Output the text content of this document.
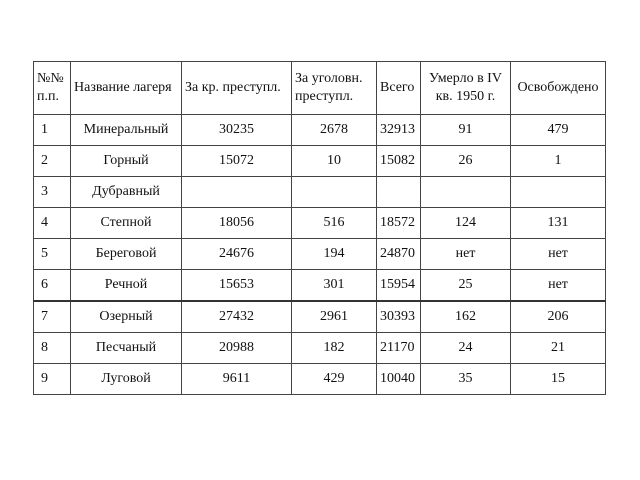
№№ п.п.	Название лагеря	За кр. преступл.	За уголовн. преступл.	Всего	Умерло в IV кв. 1950 г.	Освобождено
1	Минеральный	30235	2678	32913	91	479
2	Горный	15072	10	15082	26	1
3	Дубравный					
4	Степной	18056	516	18572	124	131
5	Береговой	24676	194	24870	нет	нет
6	Речной	15653	301	15954	25	нет
7	Озерный	27432	2961	30393	162	206
8	Песчаный	20988	182	21170	24	21
9	Луговой	9611	429	10040	35	15
